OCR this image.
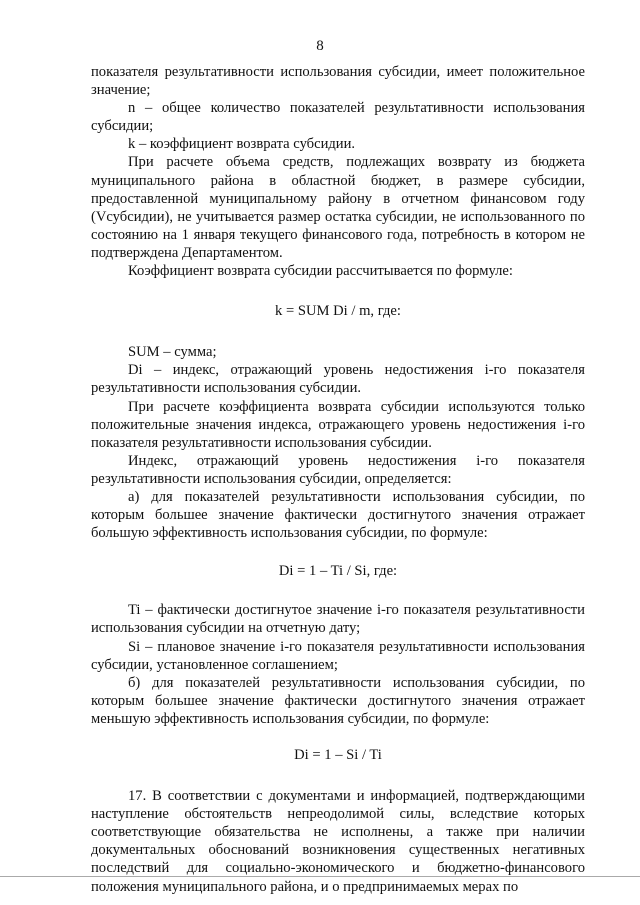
8

показателя результативности использования субсидии, имеет положительное значение;

n – общее количество показателей результативности использования субсидии;

k – коэффициент возврата субсидии.

При расчете объема средств, подлежащих возврату из бюджета муниципального района в областной бюджет, в размере субсидии, предоставленной муниципальному району в отчетном финансовом году (Vсубсидии), не учитывается размер остатка субсидии, не использованного по состоянию на 1 января текущего финансового года, потребность в котором не подтверждена Департаментом.

Коэффициент возврата субсидии рассчитывается по формуле:

k = SUM Di / m, где:

SUM – сумма;

Di – индекс, отражающий уровень недостижения i-го показателя результативности использования субсидии.

При расчете коэффициента возврата субсидии используются только положительные значения индекса, отражающего уровень недостижения i-го показателя результативности использования субсидии.

Индекс, отражающий уровень недостижения i-го показателя результативности использования субсидии, определяется:

а) для показателей результативности использования субсидии, по которым большее значение фактически достигнутого значения отражает большую эффективность использования субсидии, по формуле:

Di = 1 – Ti / Si, где:

Ti – фактически достигнутое значение i-го показателя результативности использования субсидии на отчетную дату;

Si – плановое значение i-го показателя результативности использования субсидии, установленное соглашением;

б) для показателей результативности использования субсидии, по которым большее значение фактически достигнутого значения отражает меньшую эффективность использования субсидии, по формуле:

Di = 1 – Si / Ti

17. В соответствии с документами и информацией, подтверждающими наступление обстоятельств непреодолимой силы, вследствие которых соответствующие обязательства не исполнены, а также при наличии документальных обоснований возникновения существенных негативных последствий для социально-экономического и бюджетно-финансового положения муниципального района, и о предпринимаемых мерах по
